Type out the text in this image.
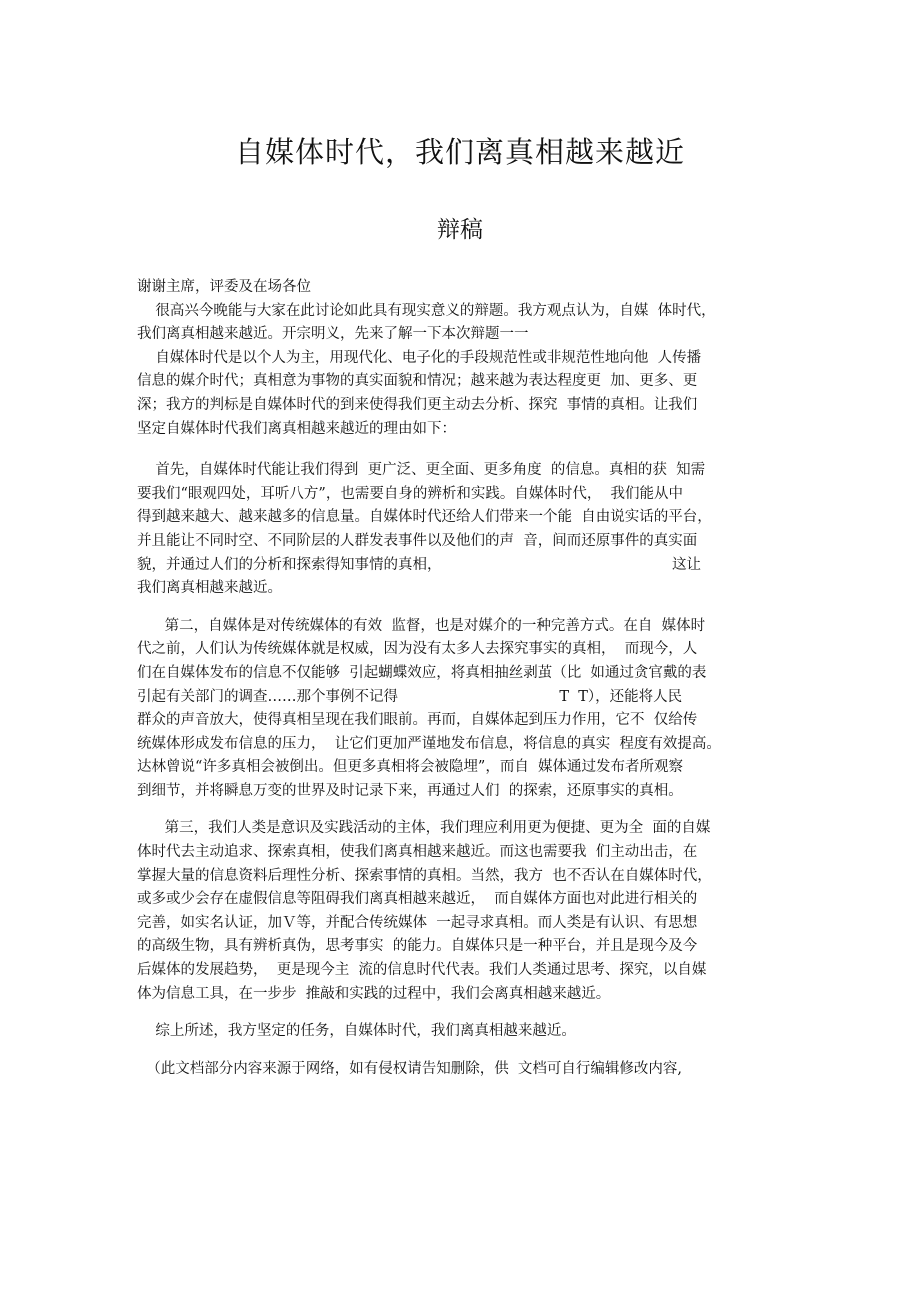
自媒体时代，我们离真相越来越近
辩稿
谢谢主席，评委及在场各位
很高兴今晚能与大家在此讨论如此具有现实意义的辩题。我方观点认为，自媒  体时代，
我们离真相越来越近。开宗明义，先来了解一下本次辩题一一
自媒体时代是以个人为主，用现代化、电子化的手段规范性或非规范性地向他  人传播
信息的媒介时代；真相意为事物的真实面貌和情况；越来越为表达程度更  加、更多、更
深；我方的判标是自媒体时代的到来使得我们更主动去分析、探究  事情的真相。让我们
坚定自媒体时代我们离真相越来越近的理由如下：
首先，自媒体时代能让我们得到  更广泛、更全面、更多角度  的信息。真相的获  知需
要我们“眼观四处，耳听八方”，也需要自身的辨析和实践。自媒体时代，  我们能从中
得到越来越大、越来越多的信息量。自媒体时代还给人们带来一个能  自由说实话的平台，
并且能让不同时空、不同阶层的人群发表事件以及他们的声  音，间而还原事件的真实面
貌，并通过人们的分析和探索得知事情的真相，                                                  这让
我们离真相越来越近。
第二，自媒体是对传统媒体的有效  监督，也是对媒介的一种完善方式。在自  媒体时
代之前，人们认为传统媒体就是权威，因为没有太多人去探究事实的真相，  而现今，人
们在自媒体发布的信息不仅能够  引起蝴蝶效应，将真相抽丝剥茧（比  如通过贪官戴的表
引起有关部门的调查……那个事例不记得                                   T  T），还能将人民
群众的声音放大，使得真相呈现在我们眼前。再而，自媒体起到压力作用，它不  仅给传
统媒体形成发布信息的压力，  让它们更加严谨地发布信息，将信息的真实  程度有效提高。
达林曾说“许多真相会被倒出。但更多真相将会被隐埋”，而自  媒体通过发布者所观察
到细节，并将瞬息万变的世界及时记录下来，再通过人们  的探索，还原事实的真相。
第三，我们人类是意识及实践活动的主体，我们理应利用更为便捷、更为全  面的自媒
体时代去主动追求、探索真相，使我们离真相越来越近。而这也需要我  们主动出击，在
掌握大量的信息资料后理性分析、探索事情的真相。当然，我方  也不否认在自媒体时代，
或多或少会存在虚假信息等阻碍我们离真相越来越近，  而自媒体方面也对此进行相关的
完善，如实名认证，加Ｖ等，并配合传统媒体  一起寻求真相。而人类是有认识、有思想
的高级生物，具有辨析真伪，思考事实  的能力。自媒体只是一种平台，并且是现今及今
后媒体的发展趋势，  更是现今主  流的信息时代代表。我们人类通过思考、探究，以自媒
体为信息工具，在一步步  推敲和实践的过程中，我们会离真相越来越近。
综上所述，我方坚定的任务，自媒体时代，我们离真相越来越近。
（此文档部分内容来源于网络，如有侵权请告知删除，供  文档可自行编辑修改内容,
